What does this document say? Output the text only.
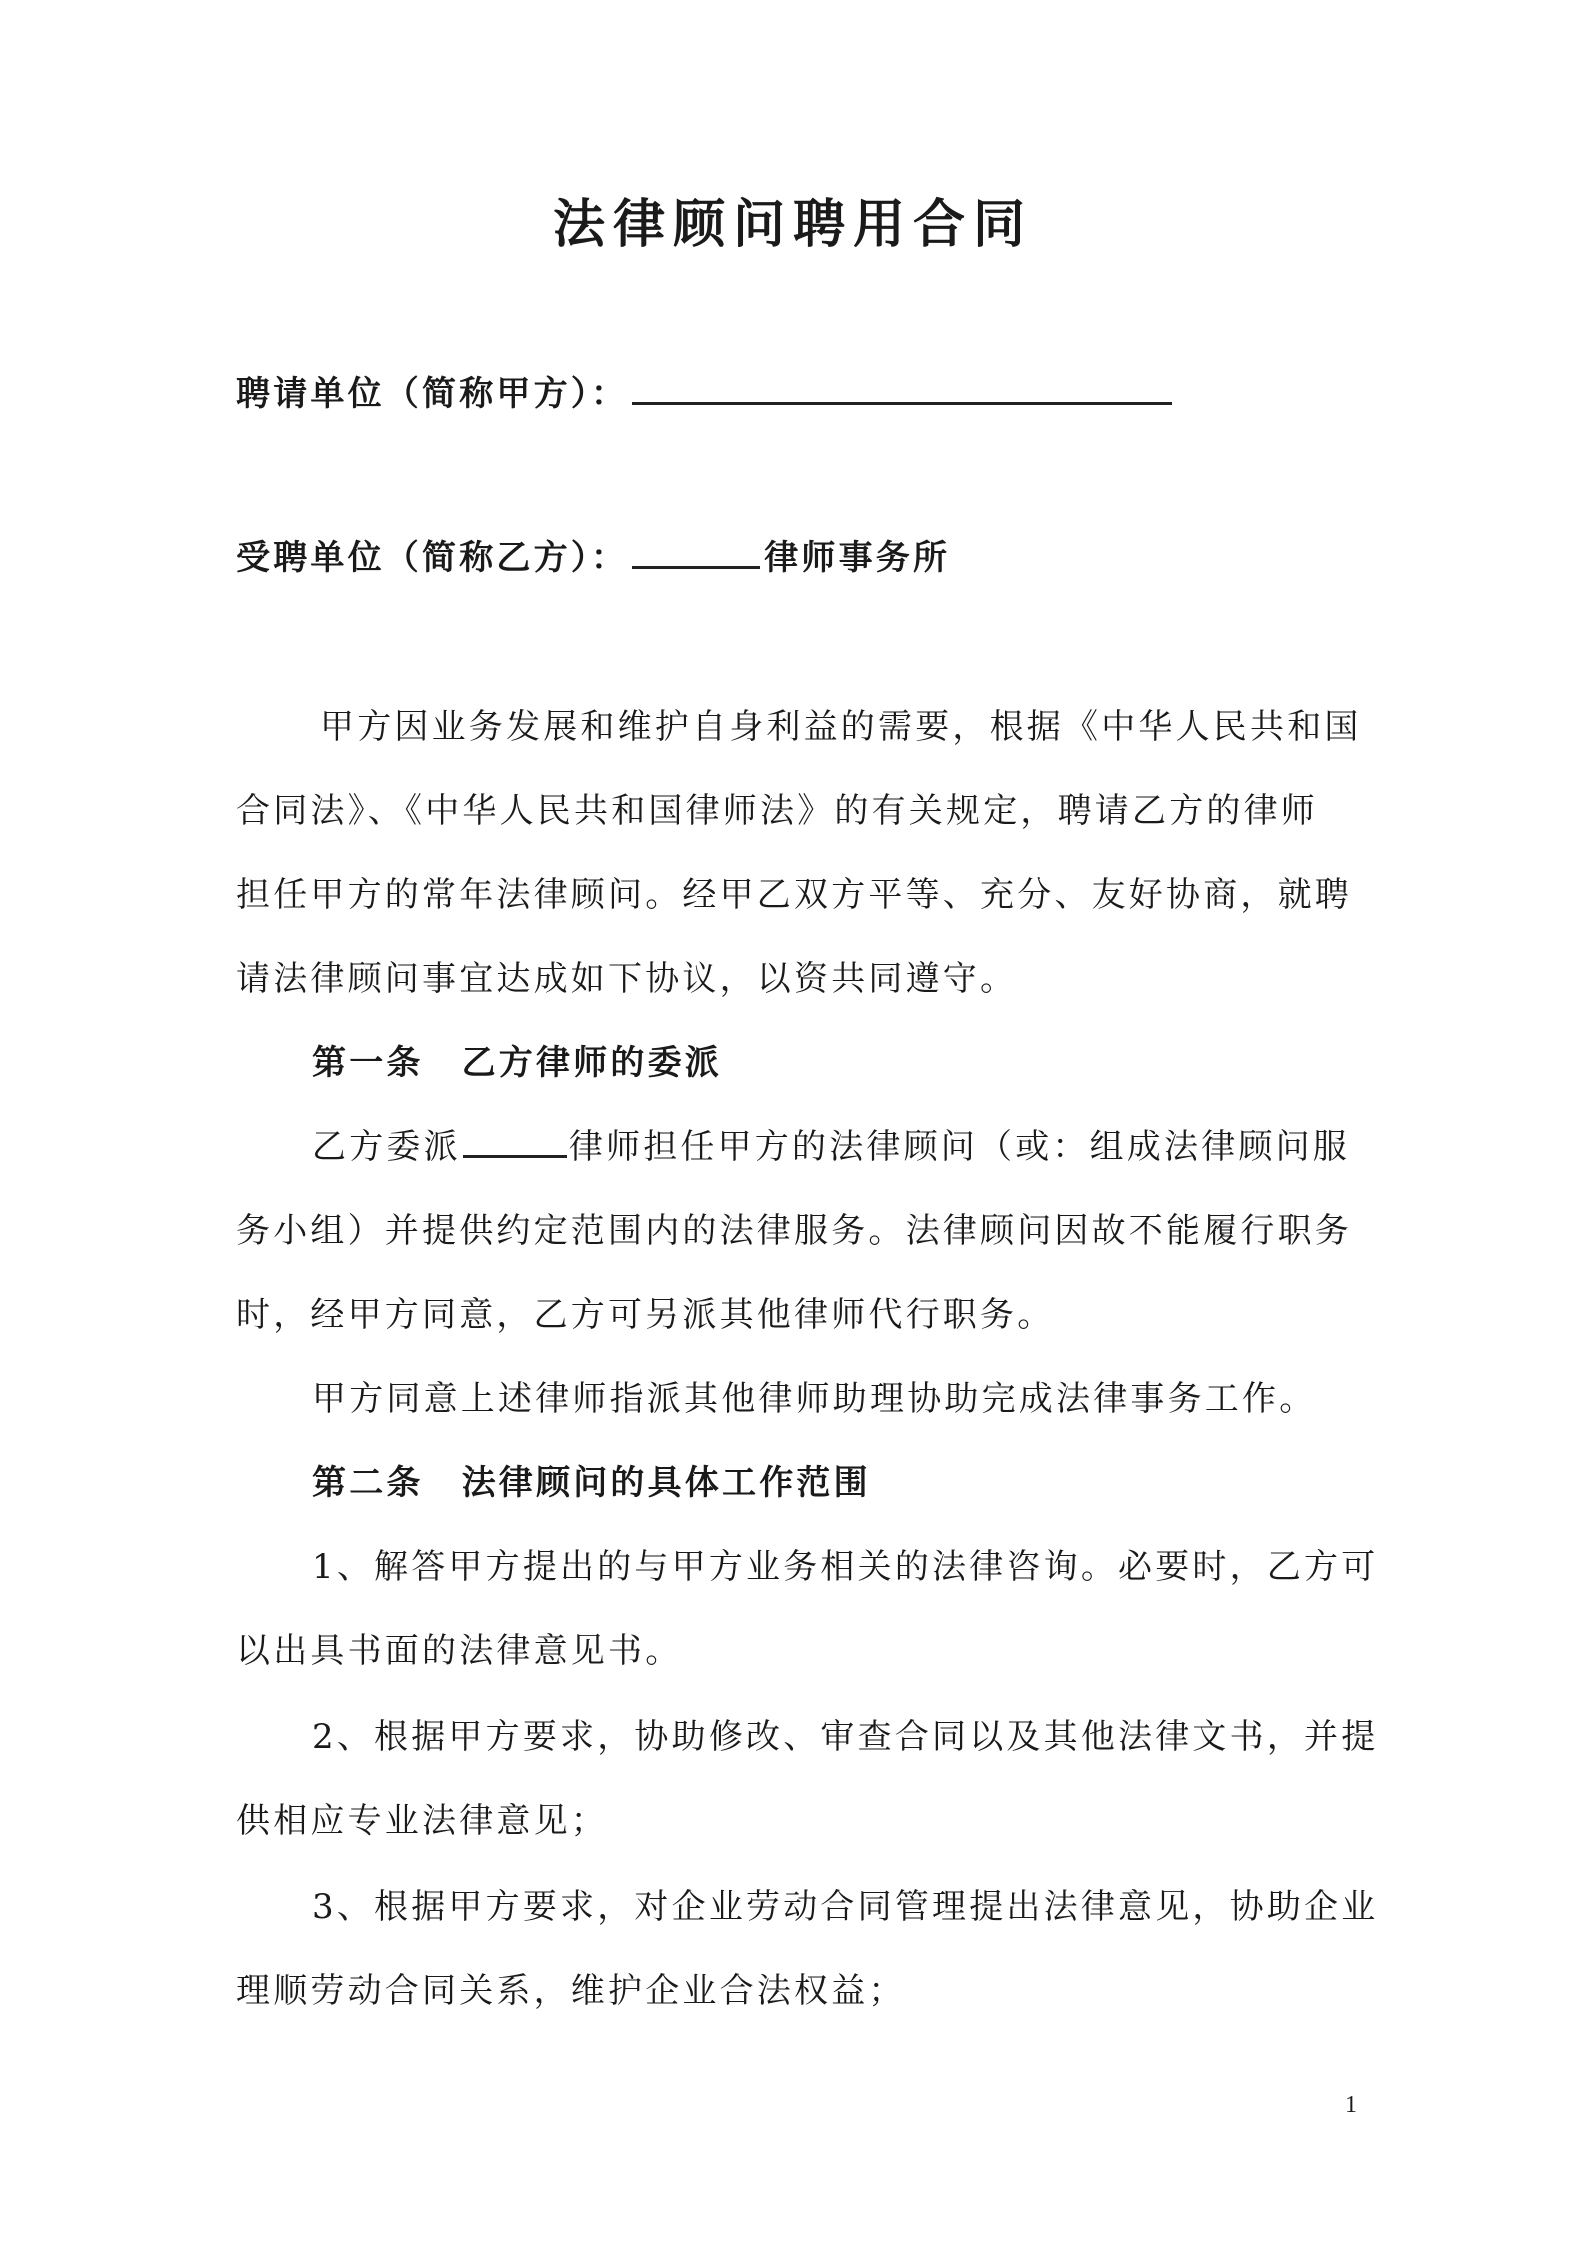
法律顾问聘用合同
聘请单位（简称甲方）：
受聘单位（简称乙方）：	律师事务所
甲方因业务发展和维护自身利益的需要，根据《中华人民共和国
合同法》、《中华人民共和国律师法》的有关规定，聘请乙方的律师
担任甲方的常年法律顾问。经甲乙双方平等、充分、友好协商，就聘
请法律顾问事宜达成如下协议，以资共同遵守。
第一条 乙方律师的委派
乙方委派	律师担任甲方的法律顾问（或：组成法律顾问服
务小组）并提供约定范围内的法律服务。法律顾问因故不能履行职务
时，经甲方同意，乙方可另派其他律师代行职务。
甲方同意上述律师指派其他律师助理协助完成法律事务工作。
第二条 法律顾问的具体工作范围
1、解答甲方提出的与甲方业务相关的法律咨询。必要时，乙方可
以出具书面的法律意见书。
2、根据甲方要求，协助修改、审查合同以及其他法律文书，并提
供相应专业法律意见；
3、根据甲方要求，对企业劳动合同管理提出法律意见，协助企业
理顺劳动合同关系，维护企业合法权益；
1
